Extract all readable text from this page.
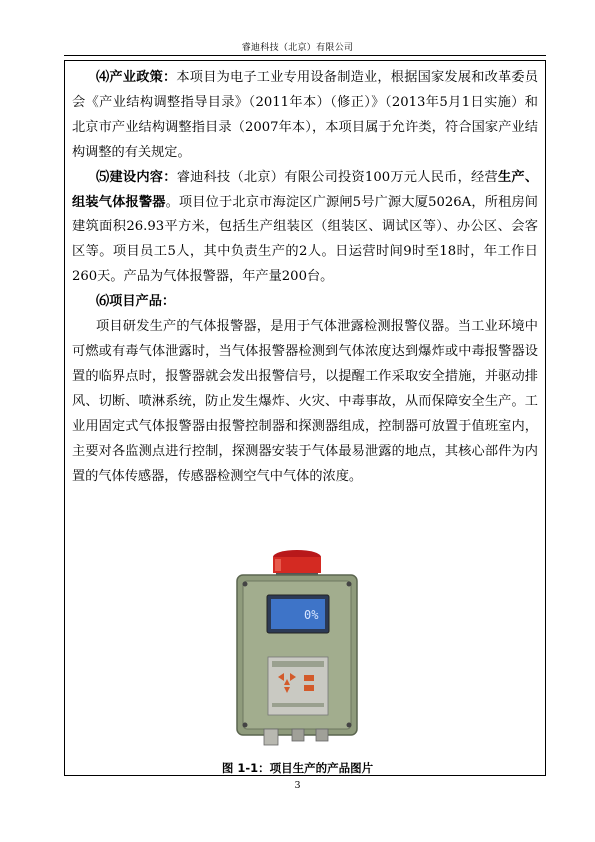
睿迪科技（北京）有限公司

⑷产业政策：本项目为电子工业专用设备制造业，根据国家发展和改革委员会《产业结构调整指导目录》（2011年本）（修正）》（2013年5月1日实施）和北京市产业结构调整指目录（2007年本），本项目属于允许类，符合国家产业结构调整的有关规定。

⑸建设内容：睿迪科技（北京）有限公司投资100万元人民币，经营生产、组装气体报警器。项目位于北京市海淀区广源闸5号广源大厦5026A，所租房间建筑面积26.93平方米，包括生产组装区（组装区、调试区等）、办公区、会客区等。项目员工5人，其中负责生产的2人。日运营时间9时至18时，年工作日260天。产品为气体报警器，年产量200台。

⑹项目产品：

项目研发生产的气体报警器，是用于气体泄露检测报警仪器。当工业环境中可燃或有毒气体泄露时，当气体报警器检测到气体浓度达到爆炸或中毒报警器设置的临界点时，报警器就会发出报警信号，以提醒工作采取安全措施，并驱动排风、切断、喷淋系统，防止发生爆炸、火灾、中毒事故，从而保障安全生产。工业用固定式气体报警器由报警控制器和探测器组成，控制器可放置于值班室内，主要对各监测点进行控制，探测器安装于气体最易泄露的地点，其核心部件为内置的气体传感器，传感器检测空气中气体的浓度。

0%
图 1-1：项目生产的产品图片
3
